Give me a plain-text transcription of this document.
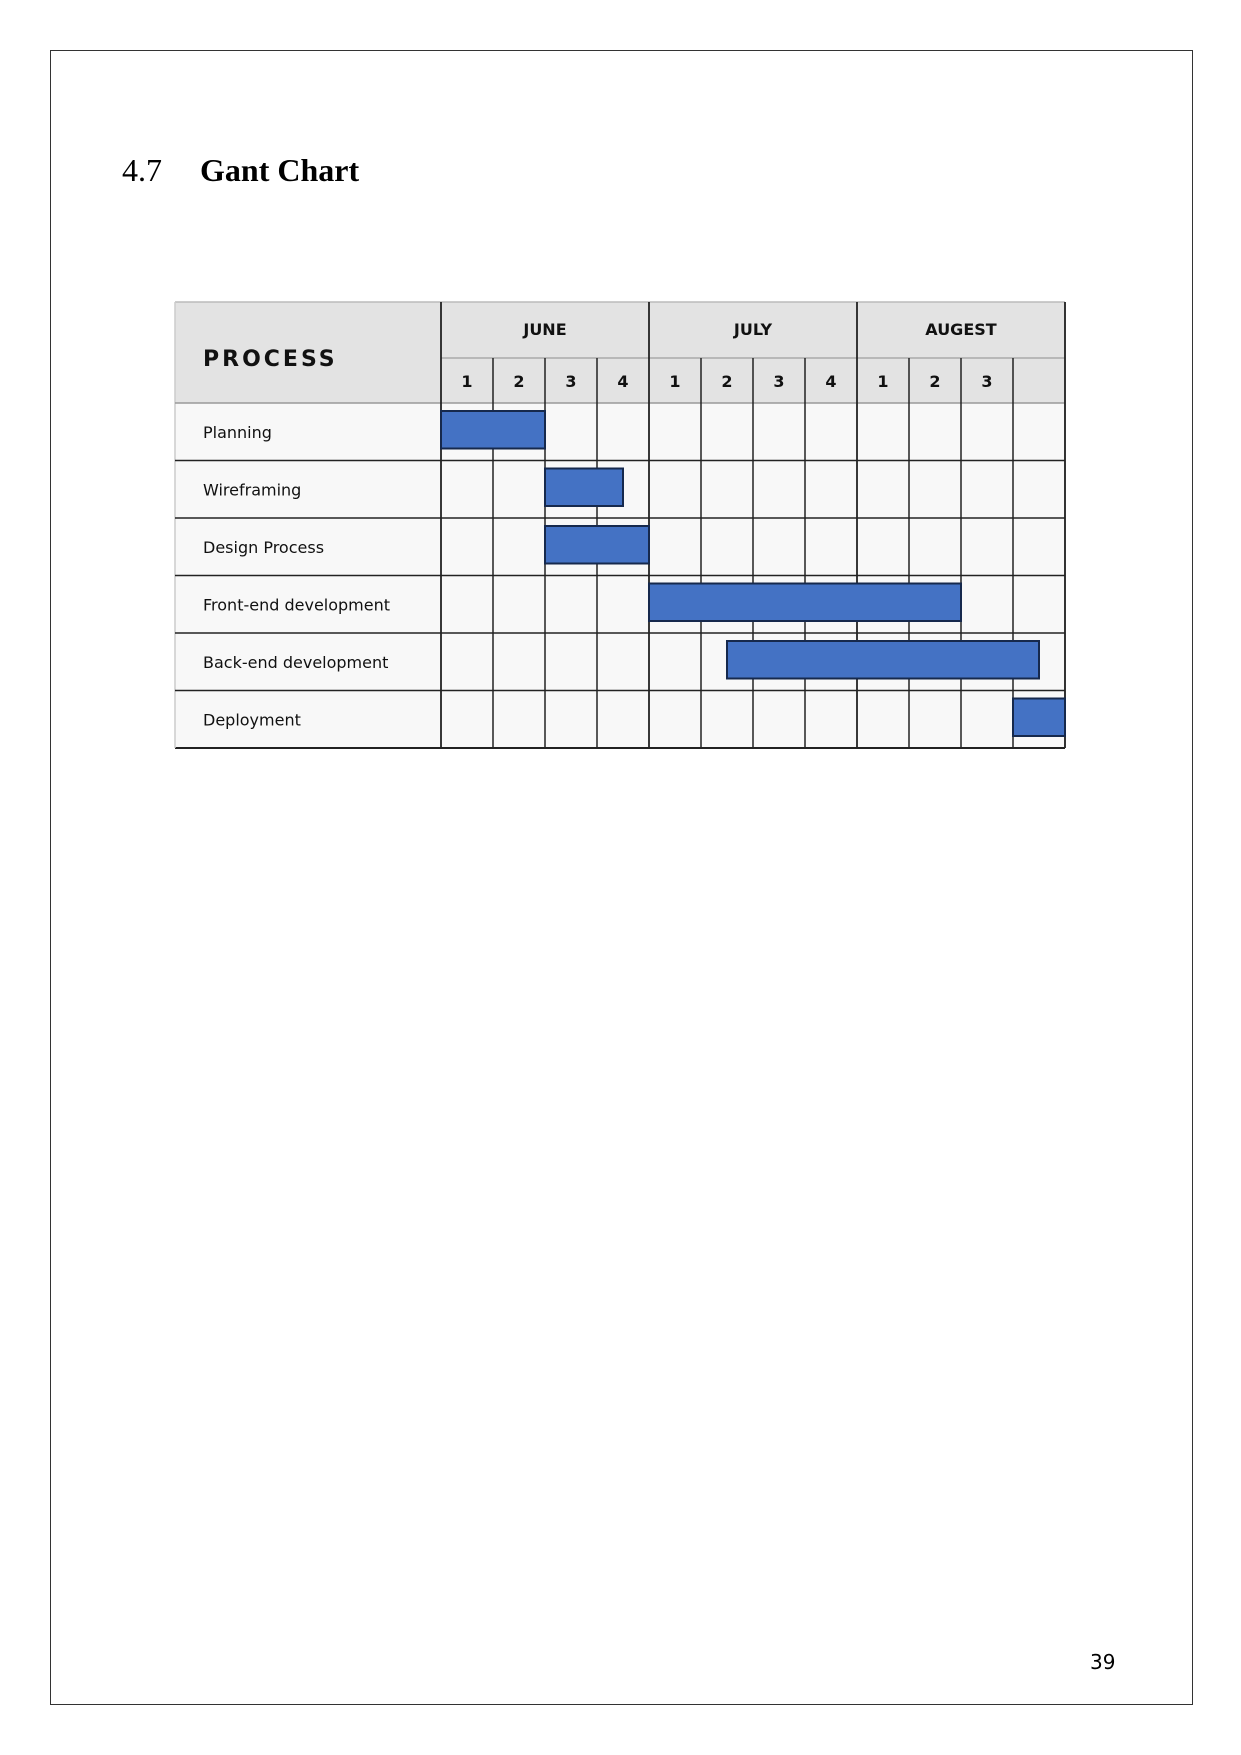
4.7 Gant Chart
PROCESS
JUNE
1	2	3	4
JULY
1	2	3	4
AUGEST
1	2	3
Planning
Wireframing
Design Process
Front-end development
Back-end development
Deployment
39
